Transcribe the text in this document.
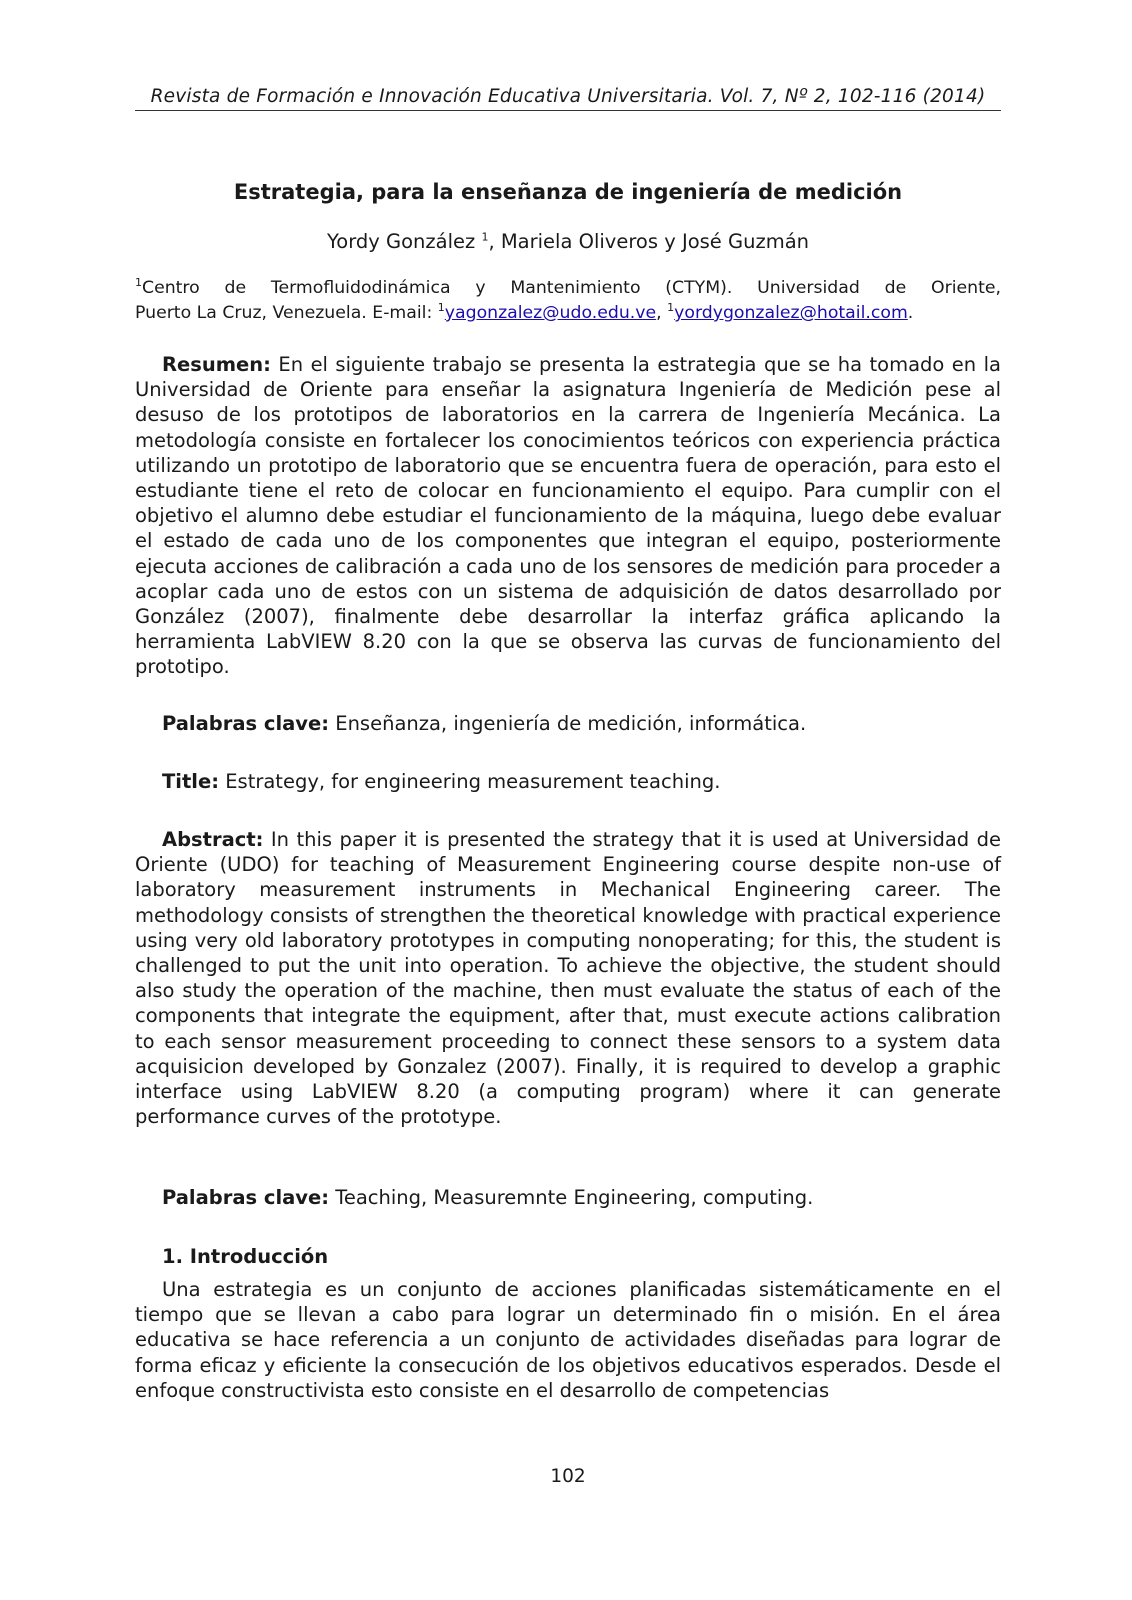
Revista de Formación e Innovación Educativa Universitaria. Vol. 7, Nº 2, 102-116 (2014)
Estrategia, para la enseñanza de ingeniería de medición
Yordy González $^1$, Mariela Oliveros y José Guzmán
$^1$Centro de Termofluidodinámica y Mantenimiento (CTYM). Universidad de Oriente,
Puerto La Cruz, Venezuela. E-mail: $^1$yagonzalez@udo.edu.ve, $^1$yordygonzalez@hotail.com.
Resumen: En el siguiente trabajo se presenta la estrategia que se ha tomado en la Universidad de Oriente para enseñar la asignatura Ingeniería de Medición pese al desuso de los prototipos de laboratorios en la carrera de Ingeniería Mecánica. La metodología consiste en fortalecer los conocimientos teóricos con experiencia práctica utilizando un prototipo de laboratorio que se encuentra fuera de operación, para esto el estudiante tiene el reto de colocar en funcionamiento el equipo. Para cumplir con el objetivo el alumno debe estudiar el funcionamiento de la máquina, luego debe evaluar el estado de cada uno de los componentes que integran el equipo, posteriormente ejecuta acciones de calibración a cada uno de los sensores de medición para proceder a acoplar cada uno de estos con un sistema de adquisición de datos desarrollado por González (2007), finalmente debe desarrollar la interfaz gráfica aplicando la herramienta LabVIEW 8.20 con la que se observa las curvas de funcionamiento del prototipo.
Palabras clave: Enseñanza, ingeniería de medición, informática.
Title: Estrategy, for engineering measurement teaching.
Abstract: In this paper it is presented the strategy that it is used at Universidad de Oriente (UDO) for teaching of Measurement Engineering course despite non-use of laboratory measurement instruments in Mechanical Engineering career. The methodology consists of strengthen the theoretical knowledge with practical experience using very old laboratory prototypes in computing nonoperating; for this, the student is challenged to put the unit into operation. To achieve the objective, the student should also study the operation of the machine, then must evaluate the status of each of the components that integrate the equipment, after that, must execute actions calibration to each sensor measurement proceeding to connect these sensors to a system data acquisicion developed by Gonzalez (2007). Finally, it is required to develop a graphic interface using LabVIEW 8.20 (a computing program) where it can generate performance curves of the prototype.
Palabras clave: Teaching, Measuremnte Engineering, computing.
1. Introducción
Una estrategia es un conjunto de acciones planificadas sistemáticamente en el tiempo que se llevan a cabo para lograr un determinado fin o misión. En el área educativa se hace referencia a un conjunto de actividades diseñadas para lograr de forma eficaz y eficiente la consecución de los objetivos educativos esperados. Desde el enfoque constructivista esto consiste en el desarrollo de competencias
102
